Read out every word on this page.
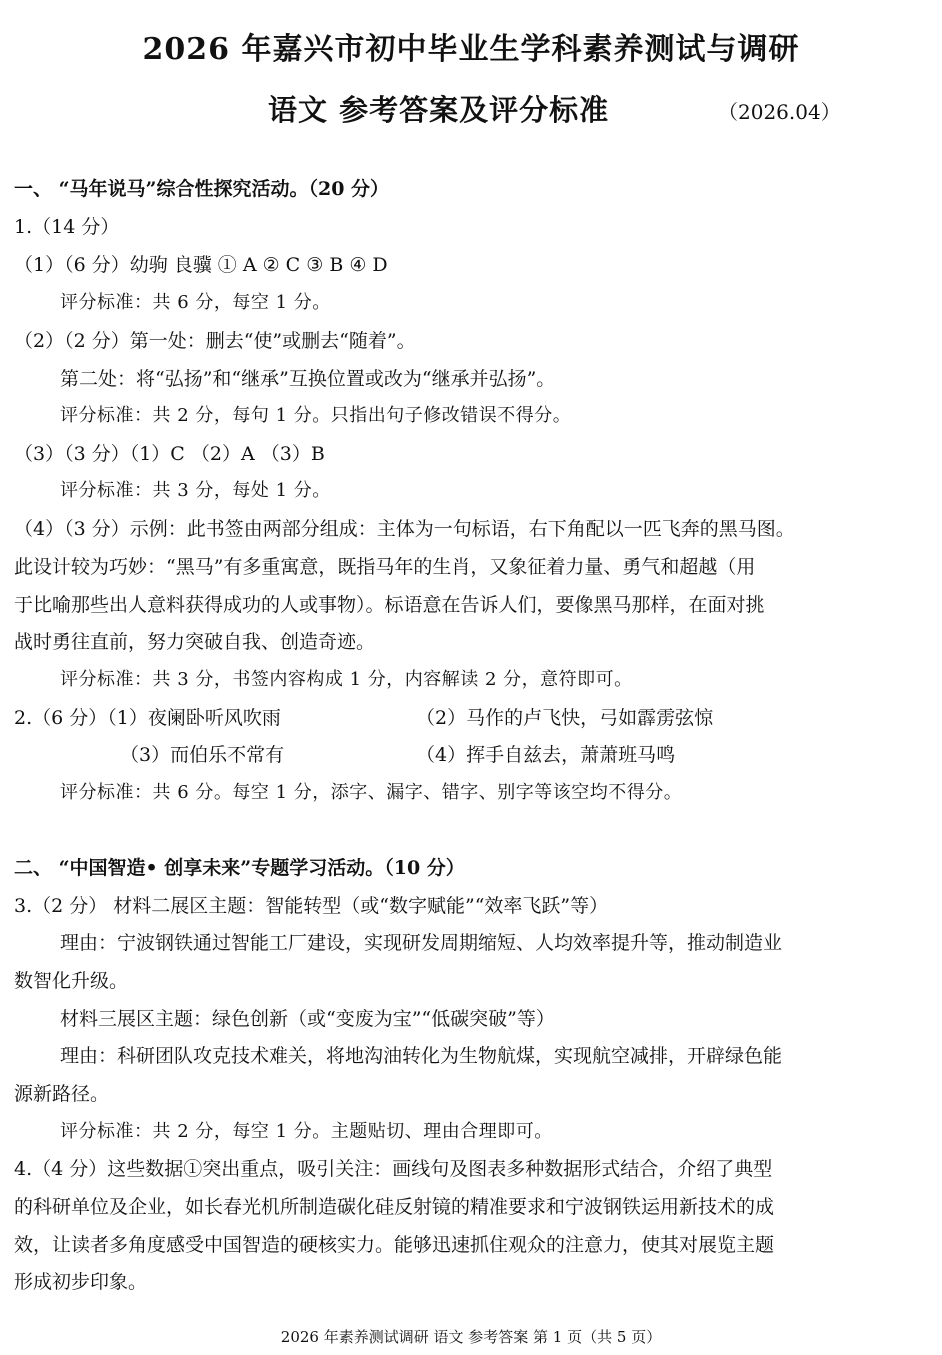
2026 年嘉兴市初中毕业生学科素养测试与调研
语文 参考答案及评分标准	（2026.04）
一、 “马年说马”综合性探究活动。（20 分）
1.（14 分）
（1）（6 分）幼驹 良骥 ① A ② C ③ B ④ D
评分标准：共 6 分，每空 1 分。
（2）（2 分）第一处：删去“使”或删去“随着”。
第二处：将“弘扬”和“继承”互换位置或改为“继承并弘扬”。
评分标准：共 2 分，每句 1 分。只指出句子修改错误不得分。
（3）（3 分）（1）C （2）A （3）B
评分标准：共 3 分，每处 1 分。
（4）（3 分）示例：此书签由两部分组成：主体为一句标语，右下角配以一匹飞奔的黑马图。
此设计较为巧妙：“黑马”有多重寓意，既指马年的生肖，又象征着力量、勇气和超越（用
于比喻那些出人意料获得成功的人或事物）。标语意在告诉人们，要像黑马那样，在面对挑
战时勇往直前，努力突破自我、创造奇迹。
评分标准：共 3 分，书签内容构成 1 分，内容解读 2 分，意符即可。
2.（6 分）（1）夜阑卧听风吹雨	（2）马作的卢飞快，弓如霹雳弦惊
（3）而伯乐不常有	（4）挥手自兹去，萧萧班马鸣
评分标准：共 6 分。每空 1 分，添字、漏字、错字、别字等该空均不得分。
二、 “中国智造• 创享未来”专题学习活动。（10 分）
3.（2 分） 材料二展区主题：智能转型（或“数字赋能”“效率飞跃”等）
理由：宁波钢铁通过智能工厂建设，实现研发周期缩短、人均效率提升等，推动制造业
数智化升级。
材料三展区主题：绿色创新（或“变废为宝”“低碳突破”等）
理由：科研团队攻克技术难关，将地沟油转化为生物航煤，实现航空减排，开辟绿色能
源新路径。
评分标准：共 2 分，每空 1 分。主题贴切、理由合理即可。
4.（4 分）这些数据①突出重点，吸引关注：画线句及图表多种数据形式结合，介绍了典型
的科研单位及企业，如长春光机所制造碳化硅反射镜的精准要求和宁波钢铁运用新技术的成
效，让读者多角度感受中国智造的硬核实力。能够迅速抓住观众的注意力，使其对展览主题
形成初步印象。
2026 年素养测试调研 语文 参考答案 第 1 页（共 5 页）
